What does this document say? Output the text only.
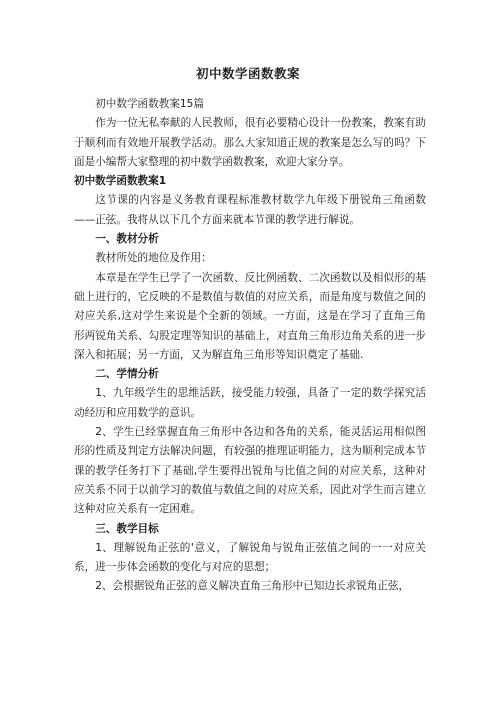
初中数学函数教案

初中数学函数教案15篇

作为一位无私奉献的人民教师，很有必要精心设计一份教案，教案有助于顺利而有效地开展教学活动。那么大家知道正规的教案是怎么写的吗？下面是小编帮大家整理的初中数学函数教案，欢迎大家分享。

初中数学函数教案1

这节课的内容是义务教育课程标准教材数学九年级下册锐角三角函数——正弦。我将从以下几个方面来就本节课的教学进行解说。

一、教材分析

教材所处的地位及作用：

本章是在学生已学了一次函数、反比例函数、二次函数以及相似形的基础上进行的，它反映的不是数值与数值的对应关系，而是角度与数值之间的对应关系,这对学生来说是个全新的领域。一方面，这是在学习了直角三角形两锐角关系、勾股定理等知识的基础上，对直角三角形边角关系的进一步深入和拓展；另一方面，又为解直角三角形等知识奠定了基础.

二、学情分析

1、九年级学生的思维活跃，接受能力较强，具备了一定的数学探究活动经历和应用数学的意识。

2、学生已经掌握直角三角形中各边和各角的关系，能灵活运用相似图形的性质及判定方法解决问题，有较强的推理证明能力，这为顺利完成本节课的教学任务打下了基础,学生要得出锐角与比值之间的对应关系，这种对应关系不同于以前学习的数值与数值之间的对应关系，因此对学生而言建立这种对应关系有一定困难。

三、教学目标

1、理解锐角正弦的'意义，了解锐角与锐角正弦值之间的一一对应关系，进一步体会函数的变化与对应的思想；

2、会根据锐角正弦的意义解决直角三角形中已知边长求锐角正弦，
